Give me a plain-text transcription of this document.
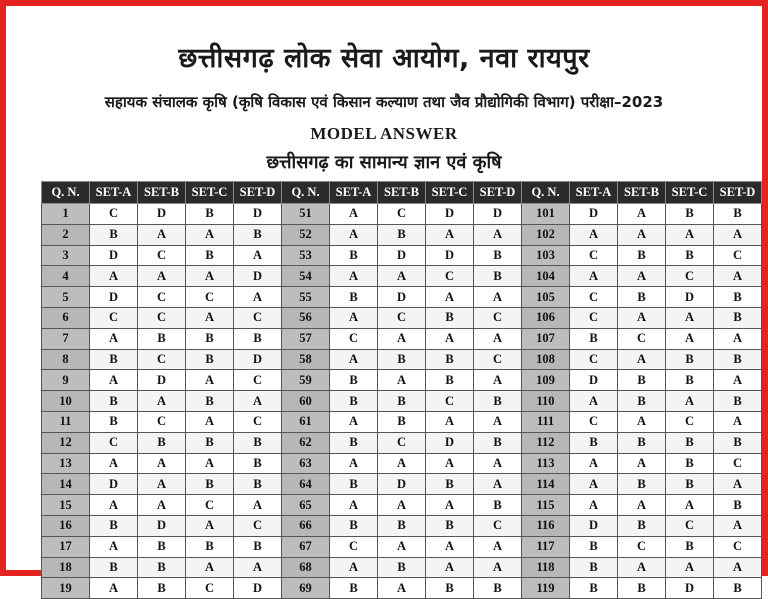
छत्तीसगढ़ लोक सेवा आयोग, नवा रायपुर
सहायक संचालक कृषि (कृषि विकास एवं किसान कल्याण तथा जैव प्रौद्योगिकी विभाग) परीक्षा–2023
MODEL ANSWER
छत्तीसगढ़ का सामान्य ज्ञान एवं कृषि
Q. N.	SET-A	SET-B	SET-C	SET-D	Q. N.	SET-A	SET-B	SET-C	SET-D	Q. N.	SET-A	SET-B	SET-C	SET-D
1	C	D	B	D	51	A	C	D	D	101	D	A	B	B
2	B	A	A	B	52	A	B	A	A	102	A	A	A	A
3	D	C	B	A	53	B	D	D	B	103	C	B	B	C
4	A	A	A	D	54	A	A	C	B	104	A	A	C	A
5	D	C	C	A	55	B	D	A	A	105	C	B	D	B
6	C	C	A	C	56	A	C	B	C	106	C	A	A	B
7	A	B	B	B	57	C	A	A	A	107	B	C	A	A
8	B	C	B	D	58	A	B	B	C	108	C	A	B	B
9	A	D	A	C	59	B	A	B	A	109	D	B	B	A
10	B	A	B	A	60	B	B	C	B	110	A	B	A	B
11	B	C	A	C	61	A	B	A	A	111	C	A	C	A
12	C	B	B	B	62	B	C	D	B	112	B	B	B	B
13	A	A	A	B	63	A	A	A	A	113	A	A	B	C
14	D	A	B	B	64	B	D	B	A	114	A	B	B	A
15	A	A	C	A	65	A	A	A	B	115	A	A	A	B
16	B	D	A	C	66	B	B	B	C	116	D	B	C	A
17	A	B	B	B	67	C	A	A	A	117	B	C	B	C
18	B	B	A	A	68	A	B	A	A	118	B	A	A	A
19	A	B	C	D	69	B	A	B	B	119	B	B	D	B
